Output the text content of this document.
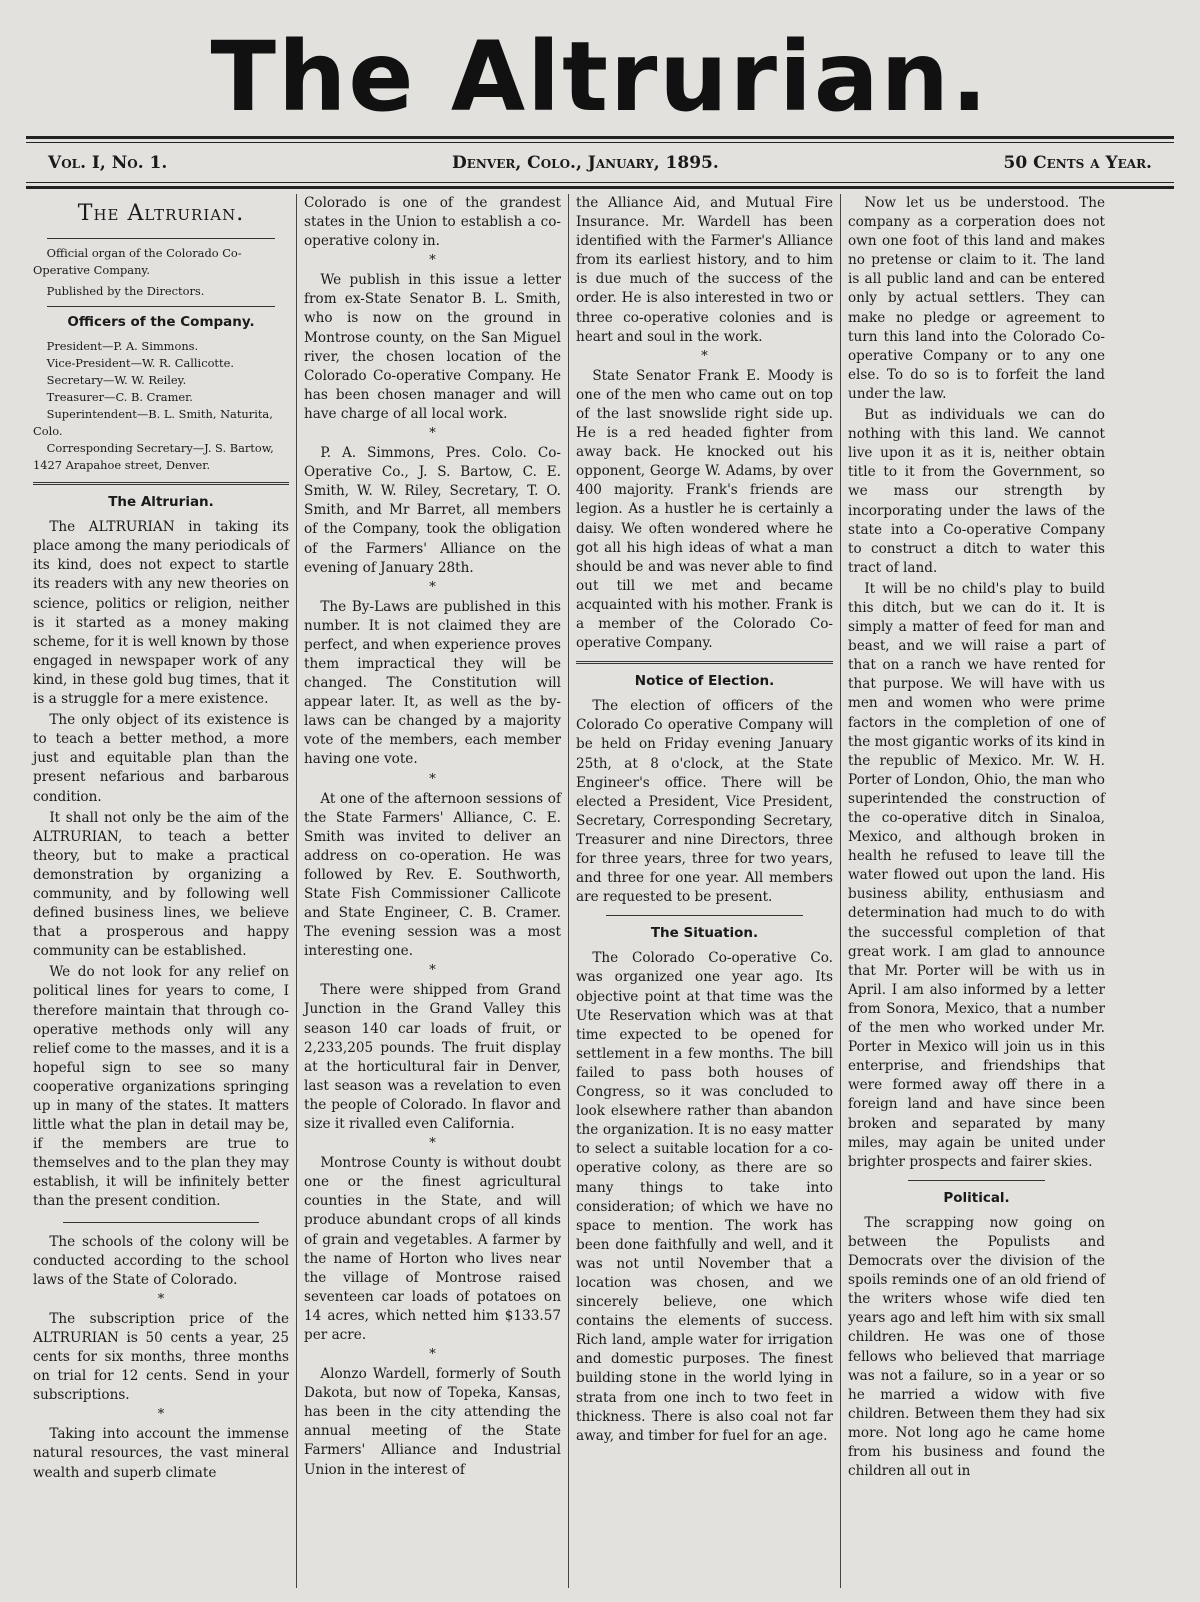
The Altrurian.
Vol. I, No. 1.	Denver, Colo., January, 1895.	50 Cents a Year.
The Altrurian.

Official organ of the Colorado Co-Operative Company.

Published by the Directors.

Officers of the Company.

President—P. A. Simmons.

Vice-President—W. R. Callicotte.

Secretary—W. W. Reiley.

Treasurer—C. B. Cramer.

Superintendent—B. L. Smith, Naturita, Colo.

Corresponding Secretary—J. S. Bartow, 1427 Arapahoe street, Denver.

The Altrurian.

The ALTRURIAN in taking its place among the many periodicals of its kind, does not expect to startle its readers with any new theories on science, politics or religion, neither is it started as a money making scheme, for it is well known by those engaged in newspaper work of any kind, in these gold bug times, that it is a struggle for a mere existence.

The only object of its existence is to teach a better method, a more just and equitable plan than the present nefarious and barbarous condition.

It shall not only be the aim of the ALTRURIAN, to teach a better theory, but to make a practical demonstration by organizing a community, and by following well defined business lines, we believe that a prosperous and happy community can be established.

We do not look for any relief on political lines for years to come, I therefore maintain that through co-operative methods only will any relief come to the masses, and it is a hopeful sign to see so many cooperative organizations springing up in many of the states. It matters little what the plan in detail may be, if the members are true to themselves and to the plan they may establish, it will be infinitely better than the present condition.

The schools of the colony will be conducted according to the school laws of the State of Colorado.

*

The subscription price of the ALTRURIAN is 50 cents a year, 25 cents for six months, three months on trial for 12 cents. Send in your subscriptions.

*

Taking into account the immense natural resources, the vast mineral wealth and superb climate

Colorado is one of the grandest states in the Union to establish a co-operative colony in.

*

We publish in this issue a letter from ex-State Senator B. L. Smith, who is now on the ground in Montrose county, on the San Miguel river, the chosen location of the Colorado Co-operative Company. He has been chosen manager and will have charge of all local work.

*

P. A. Simmons, Pres. Colo. Co-Operative Co., J. S. Bartow, C. E. Smith, W. W. Riley, Secretary, T. O. Smith, and Mr Barret, all members of the Company, took the obligation of the Farmers' Alliance on the evening of January 28th.

*

The By-Laws are published in this number. It is not claimed they are perfect, and when experience proves them impractical they will be changed. The Constitution will appear later. It, as well as the by-laws can be changed by a majority vote of the members, each member having one vote.

*

At one of the afternoon sessions of the State Farmers' Alliance, C. E. Smith was invited to deliver an address on co-operation. He was followed by Rev. E. Southworth, State Fish Commissioner Callicote and State Engineer, C. B. Cramer. The evening session was a most interesting one.

*

There were shipped from Grand Junction in the Grand Valley this season 140 car loads of fruit, or 2,233,205 pounds. The fruit display at the horticultural fair in Denver, last season was a revelation to even the people of Colorado. In flavor and size it rivalled even California.

*

Montrose County is without doubt one or the finest agricultural counties in the State, and will produce abundant crops of all kinds of grain and vegetables. A farmer by the name of Horton who lives near the village of Montrose raised seventeen car loads of potatoes on 14 acres, which netted him $133.57 per acre.

*

Alonzo Wardell, formerly of South Dakota, but now of Topeka, Kansas, has been in the city attending the annual meeting of the State Farmers' Alliance and Industrial Union in the interest of

the Alliance Aid, and Mutual Fire Insurance. Mr. Wardell has been identified with the Farmer's Alliance from its earliest history, and to him is due much of the success of the order. He is also interested in two or three co-operative colonies and is heart and soul in the work.

*

State Senator Frank E. Moody is one of the men who came out on top of the last snowslide right side up. He is a red headed fighter from away back. He knocked out his opponent, George W. Adams, by over 400 majority. Frank's friends are legion. As a hustler he is certainly a daisy. We often wondered where he got all his high ideas of what a man should be and was never able to find out till we met and became acquainted with his mother. Frank is a member of the Colorado Co-operative Company.

Notice of Election.

The election of officers of the Colorado Co operative Company will be held on Friday evening January 25th, at 8 o'clock, at the State Engineer's office. There will be elected a President, Vice President, Secretary, Corresponding Secretary, Treasurer and nine Directors, three for three years, three for two years, and three for one year. All members are requested to be present.

The Situation.

The Colorado Co-operative Co. was organized one year ago. Its objective point at that time was the Ute Reservation which was at that time expected to be opened for settlement in a few months. The bill failed to pass both houses of Congress, so it was concluded to look elsewhere rather than abandon the organization. It is no easy matter to select a suitable location for a co-operative colony, as there are so many things to take into consideration; of which we have no space to mention. The work has been done faithfully and well, and it was not until November that a location was chosen, and we sincerely believe, one which contains the elements of success. Rich land, ample water for irrigation and domestic purposes. The finest building stone in the world lying in strata from one inch to two feet in thickness. There is also coal not far away, and timber for fuel for an age.

Now let us be understood. The company as a corperation does not own one foot of this land and makes no pretense or claim to it. The land is all public land and can be entered only by actual settlers. They can make no pledge or agreement to turn this land into the Colorado Co-operative Company or to any one else. To do so is to forfeit the land under the law.

But as individuals we can do nothing with this land. We cannot live upon it as it is, neither obtain title to it from the Government, so we mass our strength by incorporating under the laws of the state into a Co-operative Company to construct a ditch to water this tract of land.

It will be no child's play to build this ditch, but we can do it. It is simply a matter of feed for man and beast, and we will raise a part of that on a ranch we have rented for that purpose. We will have with us men and women who were prime factors in the completion of one of the most gigantic works of its kind in the republic of Mexico. Mr. W. H. Porter of London, Ohio, the man who superintended the construction of the co-operative ditch in Sinaloa, Mexico, and although broken in health he refused to leave till the water flowed out upon the land. His business ability, enthusiasm and determination had much to do with the successful completion of that great work. I am glad to announce that Mr. Porter will be with us in April. I am also informed by a letter from Sonora, Mexico, that a number of the men who worked under Mr. Porter in Mexico will join us in this enterprise, and friendships that were formed away off there in a foreign land and have since been broken and separated by many miles, may again be united under brighter prospects and fairer skies.

Political.

The scrapping now going on between the Populists and Democrats over the division of the spoils reminds one of an old friend of the writers whose wife died ten years ago and left him with six small children. He was one of those fellows who believed that marriage was not a failure, so in a year or so he married a widow with five children. Between them they had six more. Not long ago he came home from his business and found the children all out in
